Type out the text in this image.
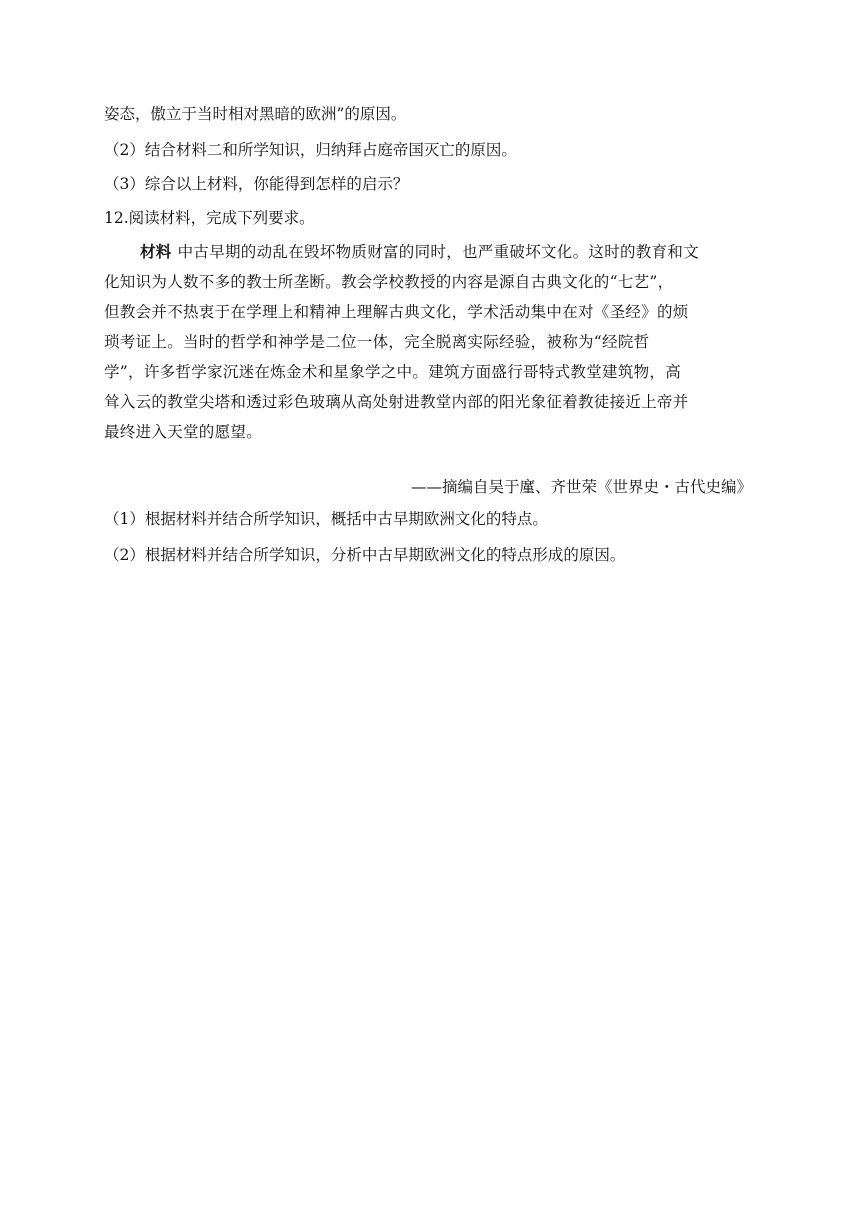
姿态，傲立于当时相对黑暗的欧洲”的原因。
（2）结合材料二和所学知识，归纳拜占庭帝国灭亡的原因。
（3）综合以上材料，你能得到怎样的启示？
12.阅读材料，完成下列要求。
材料 中古早期的动乱在毁坏物质财富的同时，也严重破坏文化。这时的教育和文
化知识为人数不多的教士所垄断。教会学校教授的内容是源自古典文化的“七艺”，
但教会并不热衷于在学理上和精神上理解古典文化，学术活动集中在对《圣经》的烦
琐考证上。当时的哲学和神学是二位一体，完全脱离实际经验，被称为“经院哲
学”，许多哲学家沉迷在炼金术和星象学之中。建筑方面盛行哥特式教堂建筑物，高
耸入云的教堂尖塔和透过彩色玻璃从高处射进教堂内部的阳光象征着教徒接近上帝并
最终进入天堂的愿望。
——摘编自吴于廑、齐世荣《世界史・古代史编》
（1）根据材料并结合所学知识，概括中古早期欧洲文化的特点。
（2）根据材料并结合所学知识，分析中古早期欧洲文化的特点形成的原因。
